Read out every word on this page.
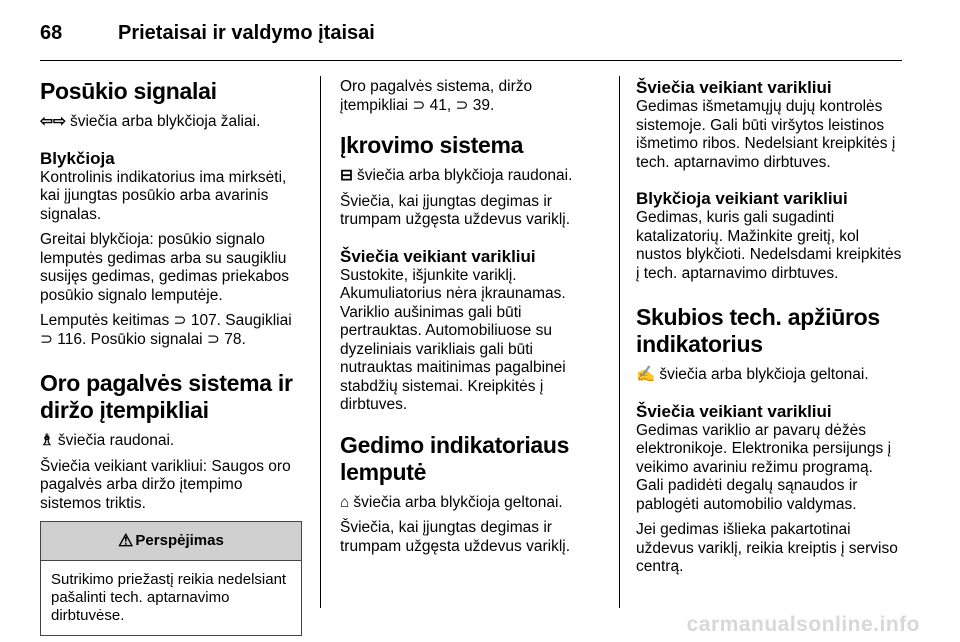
68	Prietaisai ir valdymo įtaisai
Posūkio signalai

⇦⇨ šviečia arba blykčioja žaliai.

Blykčioja

Kontrolinis indikatorius ima mirksėti, kai įjungtas posūkio arba avarinis signalas.

Greitai blykčioja: posūkio signalo lemputės gedimas arba su saugikliu susijęs gedimas, gedimas priekabos posūkio signalo lemputėje.

Lemputės keitimas ⊃ 107. Saugikliai ⊃ 116. Posūkio signalai ⊃ 78.

Oro pagalvės sistema ir diržo įtempikliai

♗ šviečia raudonai.

Šviečia veikiant varikliui: Saugos oro pagalvės arba diržo įtempimo sistemos triktis.

⚠ Perspėjimas
Sutrikimo priežastį reikia nedelsiant pašalinti tech. aptarnavimo dirbtuvėse.

Oro pagalvės sistema, diržo įtempikliai ⊃ 41, ⊃ 39.

Įkrovimo sistema

⊟ šviečia arba blykčioja raudonai.

Šviečia, kai įjungtas degimas ir trumpam užgęsta uždevus variklį.

Šviečia veikiant varikliui

Sustokite, išjunkite variklį. Akumuliatorius nėra įkraunamas. Variklio aušinimas gali būti pertrauktas. Automobiliuose su dyzeliniais varikliais gali būti nutrauktas maitinimas pagalbinei stabdžių sistemai. Kreipkitės į dirbtuves.

Gedimo indikatoriaus lemputė

⌂ šviečia arba blykčioja geltonai.

Šviečia, kai įjungtas degimas ir trumpam užgęsta uždevus variklį.

Šviečia veikiant varikliui

Gedimas išmetamųjų dujų kontrolės sistemoje. Gali būti viršytos leistinos išmetimo ribos. Nedelsiant kreipkitės į tech. aptarnavimo dirbtuves.

Blykčioja veikiant varikliui

Gedimas, kuris gali sugadinti katalizatorių. Mažinkite greitį, kol nustos blykčioti. Nedelsdami kreipkitės į tech. aptarnavimo dirbtuves.

Skubios tech. apžiūros indikatorius

✍ šviečia arba blykčioja geltonai.

Šviečia veikiant varikliui

Gedimas variklio ar pavarų dėžės elektronikoje. Elektronika persijungs į veikimo avariniu režimu programą. Gali padidėti degalų sąnaudos ir pablogėti automobilio valdymas.

Jei gedimas išlieka pakartotinai uždevus variklį, reikia kreiptis į serviso centrą.

carmanualsonline.info
